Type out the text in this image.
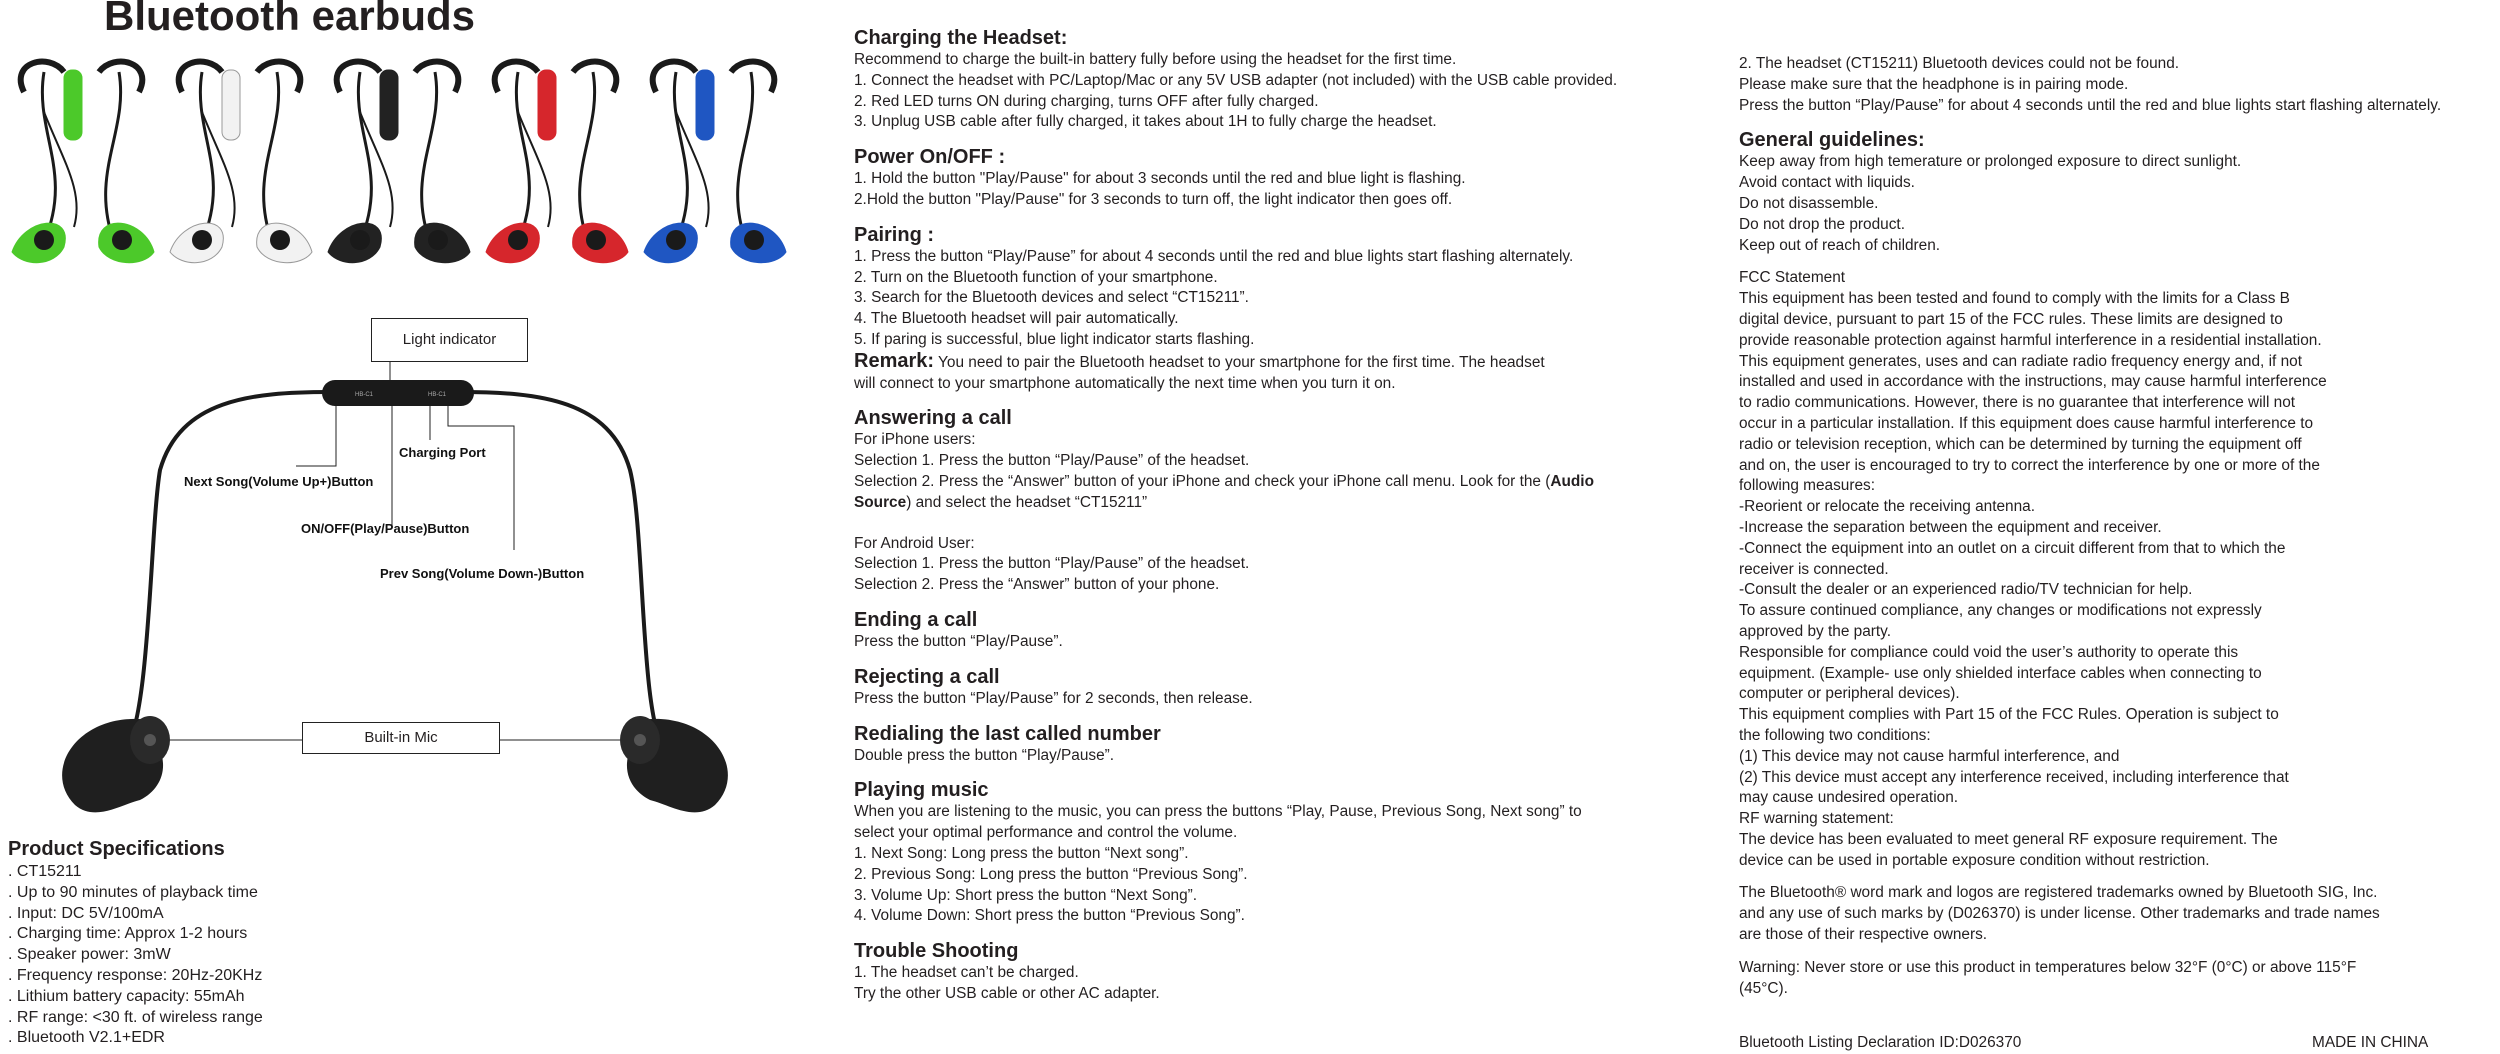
Bluetooth earbuds
HB-C1	HB-C1
Light indicator
Charging Port
Next Song(Volume Up+)Button
ON/OFF(Play/Pause)Button
Prev Song(Volume Down-)Button
Built-in Mic
Product Specifications
. CT15211
. Up to 90 minutes of playback time
. Input: DC 5V/100mA
. Charging time: Approx 1-2 hours
. Speaker power: 3mW
. Frequency response: 20Hz-20KHz
. Lithium battery capacity: 55mAh
. RF range: <30 ft. of wireless range
. Bluetooth V2.1+EDR
Charging the Headset:
Recommend to charge the built-in battery fully before using the headset for the first time.
1. Connect the headset with PC/Laptop/Mac or any 5V USB adapter (not included) with the USB cable provided.
2. Red LED turns ON during charging, turns OFF after fully charged.
3. Unplug USB cable after fully charged, it takes about 1H to fully charge the headset.
Power On/OFF :
1. Hold the button "Play/Pause" for about 3 seconds until the red and blue light is flashing.
2.Hold the button "Play/Pause" for 3 seconds to turn off, the light indicator then goes off.
Pairing :
1. Press the button “Play/Pause” for about 4 seconds until the red and blue lights start flashing alternately.
2. Turn on the Bluetooth function of your smartphone.
3. Search for the Bluetooth devices and select “CT15211”.
4. The Bluetooth headset will pair automatically.
5. If paring is successful, blue light indicator starts flashing.
Remark: You need to pair the Bluetooth headset to your smartphone for the first time. The headset
will connect to your smartphone automatically the next time when you turn it on.
Answering a call
For iPhone users:
Selection 1. Press the button “Play/Pause” of the headset.
Selection 2. Press the “Answer” button of your iPhone and check your iPhone call menu. Look for the (Audio
Source) and select the headset “CT15211”
For Android User:
Selection 1. Press the button “Play/Pause” of the headset.
Selection 2. Press the “Answer” button of your phone.
Ending a call
Press the button “Play/Pause”.
Rejecting a call
Press the button “Play/Pause” for 2 seconds, then release.
Redialing the last called number
Double press the button “Play/Pause”.
Playing music
When you are listening to the music, you can press the buttons “Play, Pause, Previous Song, Next song” to
select your optimal performance and control the volume.
1. Next Song: Long press the button “Next song”.
2. Previous Song: Long press the button “Previous Song”.
3. Volume Up: Short press the button “Next Song”.
4. Volume Down: Short press the button “Previous Song”.
Trouble Shooting
1. The headset can’t be charged.
Try the other USB cable or other AC adapter.
2. The headset (CT15211) Bluetooth devices could not be found.
Please make sure that the headphone is in pairing mode.
Press the button “Play/Pause” for about 4 seconds until the red and blue lights start flashing alternately.
General guidelines:
Keep away from high temerature or prolonged exposure to direct sunlight.
Avoid contact with liquids.
Do not disassemble.
Do not drop the product.
Keep out of reach of children.
FCC Statement
This equipment has been tested and found to comply with the limits for a Class B
digital device, pursuant to part 15 of the FCC rules. These limits are designed to
provide reasonable protection against harmful interference in a residential installation.
This equipment generates, uses and can radiate radio frequency energy and, if not
installed and used in accordance with the instructions, may cause harmful interference
to radio communications. However, there is no guarantee that interference will not
occur in a particular installation. If this equipment does cause harmful interference to
radio or television reception, which can be determined by turning the equipment off
and on, the user is encouraged to try to correct the interference by one or more of the
following measures:
-Reorient or relocate the receiving antenna.
-Increase the separation between the equipment and receiver.
-Connect the equipment into an outlet on a circuit different from that to which the
receiver is connected.
-Consult the dealer or an experienced radio/TV technician for help.
To assure continued compliance, any changes or modifications not expressly
approved by the party.
Responsible for compliance could void the user’s authority to operate this
equipment. (Example- use only shielded interface cables when connecting to
computer or peripheral devices).
This equipment complies with Part 15 of the FCC Rules. Operation is subject to
the following two conditions:
(1) This device may not cause harmful interference, and
(2) This device must accept any interference received, including interference that
may cause undesired operation.
RF warning statement:
The device has been evaluated to meet general RF exposure requirement. The
device can be used in portable exposure condition without restriction.
The Bluetooth® word mark and logos are registered trademarks owned by Bluetooth SIG, Inc.
and any use of such marks by (D026370) is under license. Other trademarks and trade names
are those of their respective owners.
Warning: Never store or use this product in temperatures below 32°F (0°C) or above 115°F
(45°C).
Bluetooth Listing Declaration ID:D026370	MADE IN CHINA
